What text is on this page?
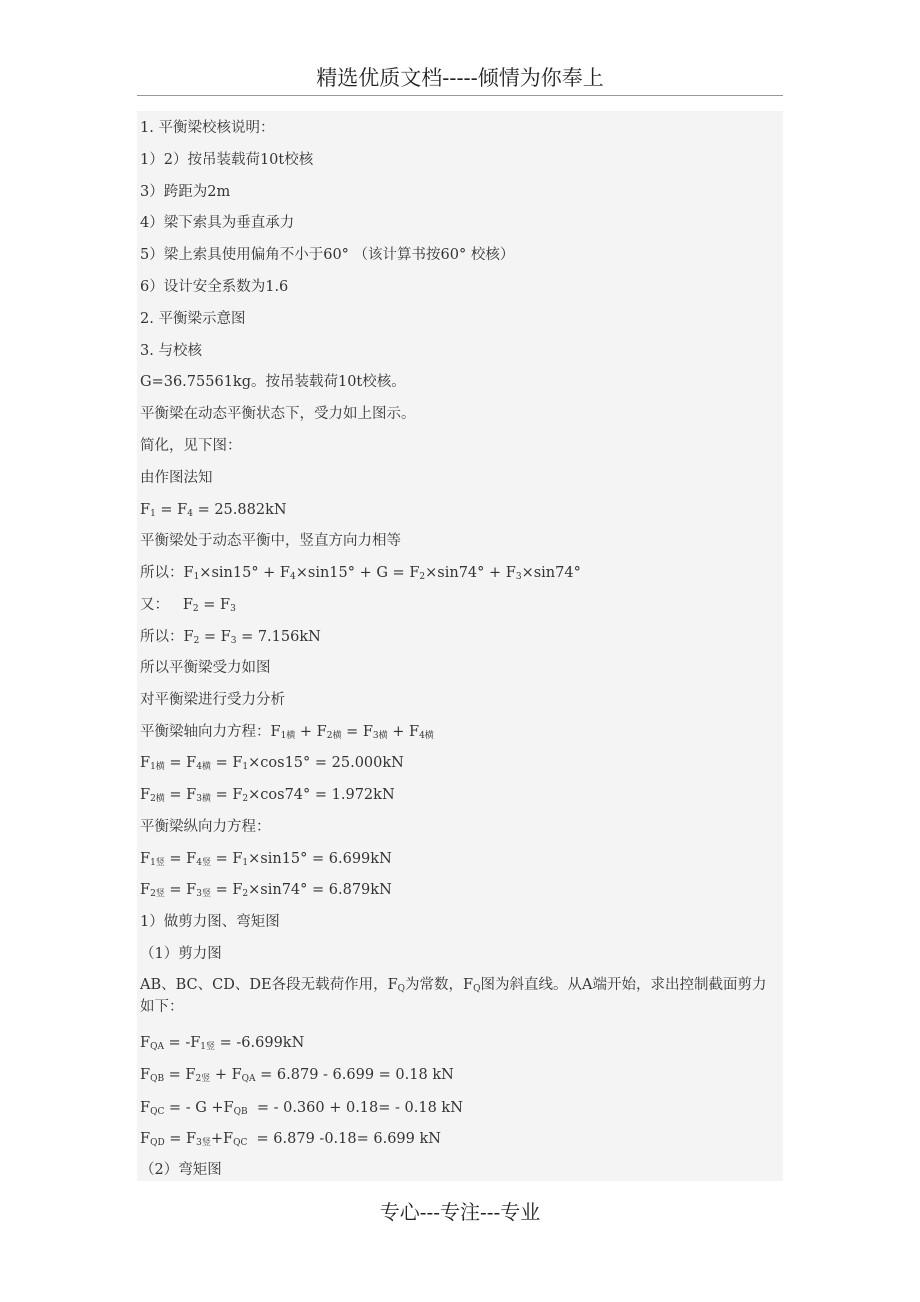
精选优质文档-----倾情为你奉上
1. 平衡梁校核说明：
1）2）按吊装载荷10t校核
3）跨距为2m
4）梁下索具为垂直承力
5）梁上索具使用偏角不小于60° （该计算书按60° 校核）
6）设计安全系数为1.6
2. 平衡梁示意图
3. 与校核
G=36.75561kg。按吊装载荷10t校核。
平衡梁在动态平衡状态下，受力如上图示。
简化，见下图：
由作图法知
$F_1 = F_4 = 25.882kN$
平衡梁处于动态平衡中，竖直方向力相等
所以：$F_1\times\sin 15^\circ + F_4\times\sin 15^\circ + G = F_2\times\sin 74^\circ + F_3\times\sin 74^\circ$
又：   $F_2 = F_3$
所以：$F_2 = F_3 = 7.156kN$
所以平衡梁受力如图
对平衡梁进行受力分析
平衡梁轴向力方程：$F_{1横} + F_{2横} = F_{3横} + F_{4横}$
$F_{1横} = F_{4横} = F_1\times\cos 15^\circ = 25.000kN$
$F_{2横} = F_{3横} = F_2\times\cos 74^\circ = 1.972kN$
平衡梁纵向力方程：
$F_{1竖} = F_{4竖} = F_1\times\sin 15^\circ = 6.699kN$
$F_{2竖} = F_{3竖} = F_2\times\sin 74^\circ = 6.879kN$
1）做剪力图、弯矩图
（1）剪力图
AB、BC、CD、DE各段无载荷作用，$F_Q$为常数，$F_Q$图为斜直线。从A端开始，求出控制截面剪力如下：
$F_{QA} = -F_{1竖} = -6.699kN$
$F_{QB} = F_{2竖} + F_{QA} = 6.879 - 6.699 = 0.18$ kN
$F_{QC}$ = - $G +F_{QB}$  = - 0.360 + 0.18= - 0.18 kN
$F_{QD} = F_{3竖}+F_{QC} = 6.879$ -0.18= 6.699 kN
（2）弯矩图
专心---专注---专业
